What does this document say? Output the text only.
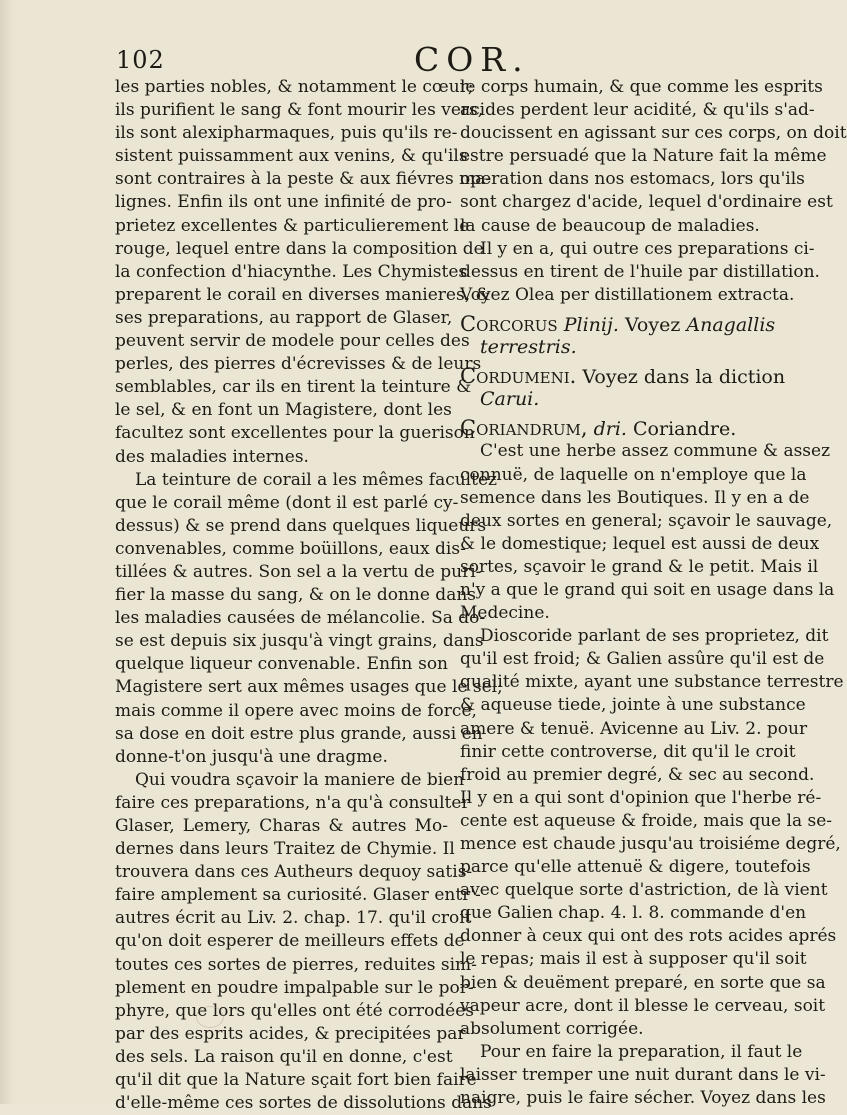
102	COR.
les parties nobles, & notamment le cœur;
ils purifient le sang & font mourir les vers,
ils sont alexipharmaques, puis qu'ils re-
sistent puissamment aux venins, & qu'ils
sont contraires à la peste & aux fiévres ma-
lignes. Enfin ils ont une infinité de pro-
prietez excellentes & particulierement le
rouge, lequel entre dans la composition de
la confection d'hiacynthe. Les Chymistes
preparent le corail en diverses manieres, &
ses preparations, au rapport de Glaser,
peuvent servir de modele pour celles des
perles, des pierres d'écrevisses & de leurs
semblables, car ils en tirent la teinture &
le sel, & en font un Magistere, dont les
facultez sont excellentes pour la guerison
des maladies internes.
La teinture de corail a les mêmes facultez
que le corail même (dont il est parlé cy-
dessus) & se prend dans quelques liqueurs
convenables, comme boüillons, eaux dis-
tillées & autres. Son sel a la vertu de puri-
fier la masse du sang, & on le donne dans
les maladies causées de mélancolie. Sa do-
se est depuis six jusqu'à vingt grains, dans
quelque liqueur convenable. Enfin son
Magistere sert aux mêmes usages que le sel;
mais comme il opere avec moins de force,
sa dose en doit estre plus grande, aussi en
donne-t'on jusqu'à une dragme.
Qui voudra sçavoir la maniere de bien
faire ces preparations, n'a qu'à consulter
Glaser, Lemery, Charas & autres Mo-
dernes dans leurs Traitez de Chymie. Il
trouvera dans ces Autheurs dequoy satis-
faire amplement sa curiosité. Glaser entr'-
autres écrit au Liv. 2. chap. 17. qu'il croit
qu'on doit esperer de meilleurs effets de
toutes ces sortes de pierres, reduites sim-
plement en poudre impalpable sur le por-
phyre, que lors qu'elles ont été corrodées
par des esprits acides, & precipitées par
des sels. La raison qu'il en donne, c'est
qu'il dit que la Nature sçait fort bien faire
d'elle-même ces sortes de dissolutions dans
le corps humain, & que comme les esprits
acides perdent leur acidité, & qu'ils s'ad-
doucissent en agissant sur ces corps, on doit
estre persuadé que la Nature fait la même
operation dans nos estomacs, lors qu'ils
sont chargez d'acide, lequel d'ordinaire est
la cause de beaucoup de maladies.
Il y en a, qui outre ces preparations ci-
dessus en tirent de l'huile par distillation.
Voyez Olea per distillationem extracta.
Corcorus Plinij. Voyez Anagallis
terrestris.
Cordumeni. Voyez dans la diction
Carui.
Coriandrum, dri. Coriandre.
C'est une herbe assez commune & assez
connuë, de laquelle on n'employe que la
semence dans les Boutiques. Il y en a de
deux sortes en general; sçavoir le sauvage,
& le domestique; lequel est aussi de deux
sortes, sçavoir le grand & le petit. Mais il
n'y a que le grand qui soit en usage dans la
Medecine.
Dioscoride parlant de ses proprietez, dit
qu'il est froid; & Galien assûre qu'il est de
qualité mixte, ayant une substance terrestre
& aqueuse tiede, jointe à une substance
amere & tenuë. Avicenne au Liv. 2. pour
finir cette controverse, dit qu'il le croit
froid au premier degré, & sec au second.
Il y en a qui sont d'opinion que l'herbe ré-
cente est aqueuse & froide, mais que la se-
mence est chaude jusqu'au troisiéme degré,
parce qu'elle attenuë & digere, toutefois
avec quelque sorte d'astriction, de là vient
que Galien chap. 4. l. 8. commande d'en
donner à ceux qui ont des rots acides aprés
le repas; mais il est à supposer qu'il soit
bien & deuëment preparé, en sorte que sa
vapeur acre, dont il blesse le cerveau, soit
absolument corrigée.
Pour en faire la preparation, il faut le
laisser tremper une nuit durant dans le vi-
naigre, puis le faire sécher. Voyez dans les
